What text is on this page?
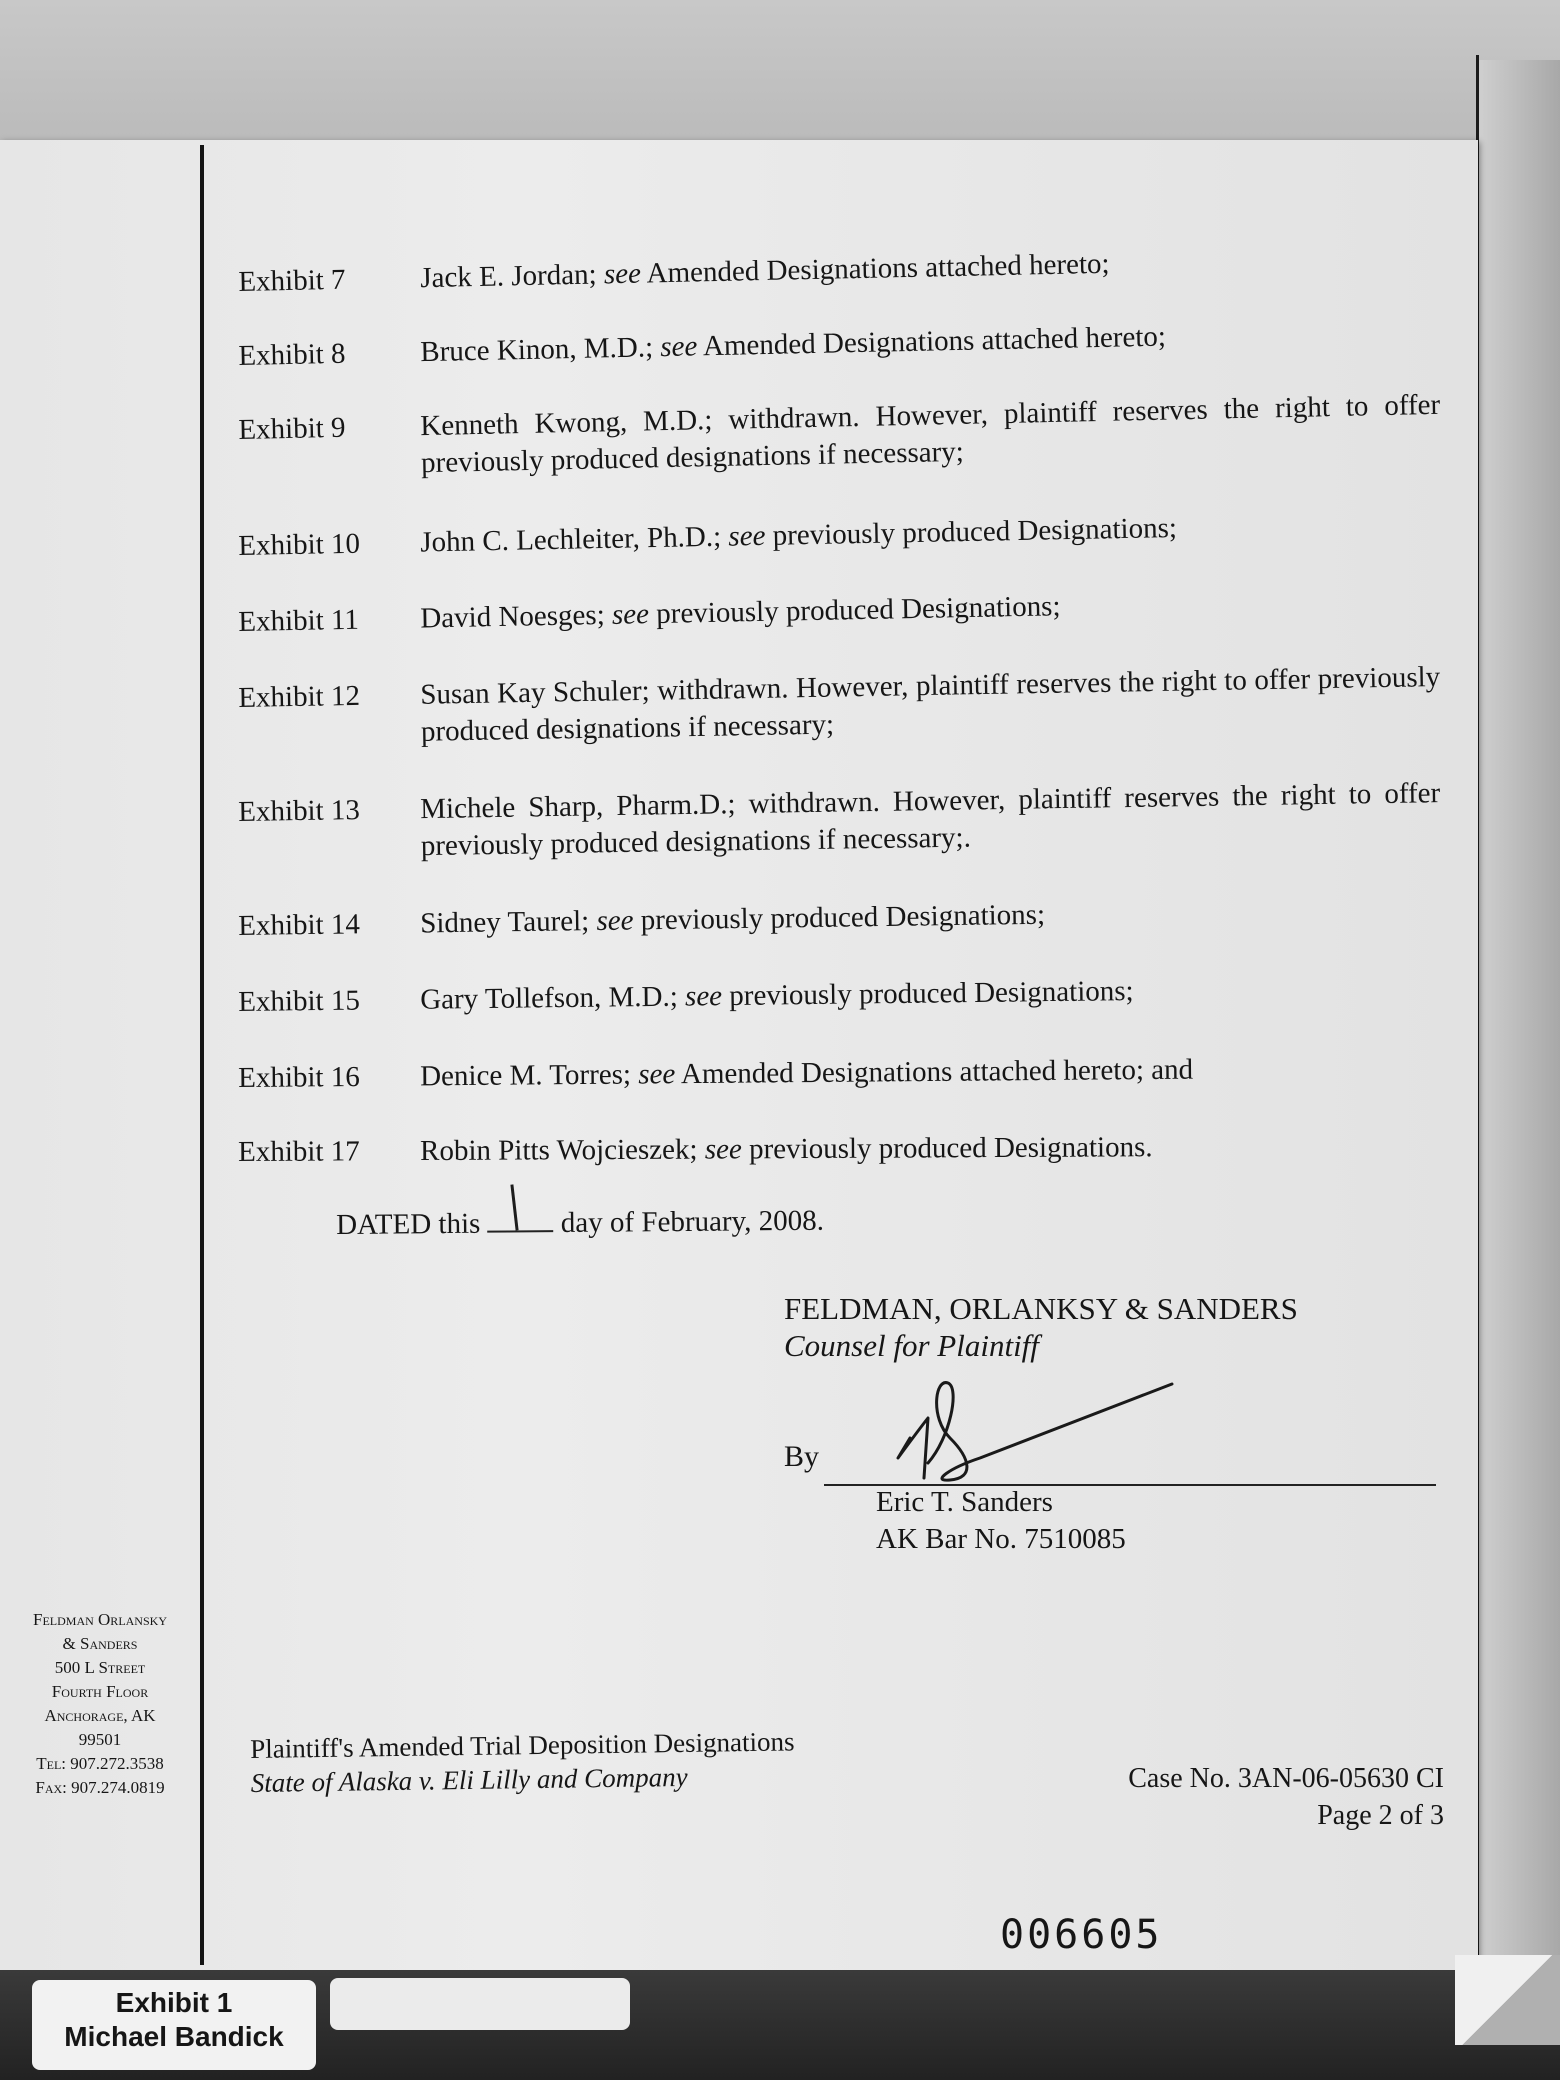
Exhibit 7	Jack E. Jordan; see Amended Designations attached hereto;
Exhibit 8	Bruce Kinon, M.D.; see Amended Designations attached hereto;
Exhibit 9	Kenneth Kwong, M.D.; withdrawn. However, plaintiff reserves the right to offer previously produced designations if necessary;
Exhibit 10	John C. Lechleiter, Ph.D.; see previously produced Designations;
Exhibit 11	David Noesges; see previously produced Designations;
Exhibit 12	Susan Kay Schuler; withdrawn. However, plaintiff reserves the right to offer previously produced designations if necessary;
Exhibit 13	Michele Sharp, Pharm.D.; withdrawn. However, plaintiff reserves the right to offer previously produced designations if necessary;.
Exhibit 14	Sidney Taurel; see previously produced Designations;
Exhibit 15	Gary Tollefson, M.D.; see previously produced Designations;
Exhibit 16	Denice M. Torres; see Amended Designations attached hereto; and
Exhibit 17	Robin Pitts Wojcieszek; see previously produced Designations.
DATED this
day of February, 2008.
FELDMAN, ORLANKSY & SANDERS
Counsel for Plaintiff
By
Eric T. Sanders
AK Bar No. 7510085
Feldman Orlansky
& Sanders
500 L Street
Fourth Floor
Anchorage, AK
99501
Tel: 907.272.3538
Fax: 907.274.0819
Plaintiff's Amended Trial Deposition Designations
State of Alaska v. Eli Lilly and Company	Case No. 3AN-06-05630 CI
Page 2 of 3
006605
Exhibit 1
Michael Bandick
